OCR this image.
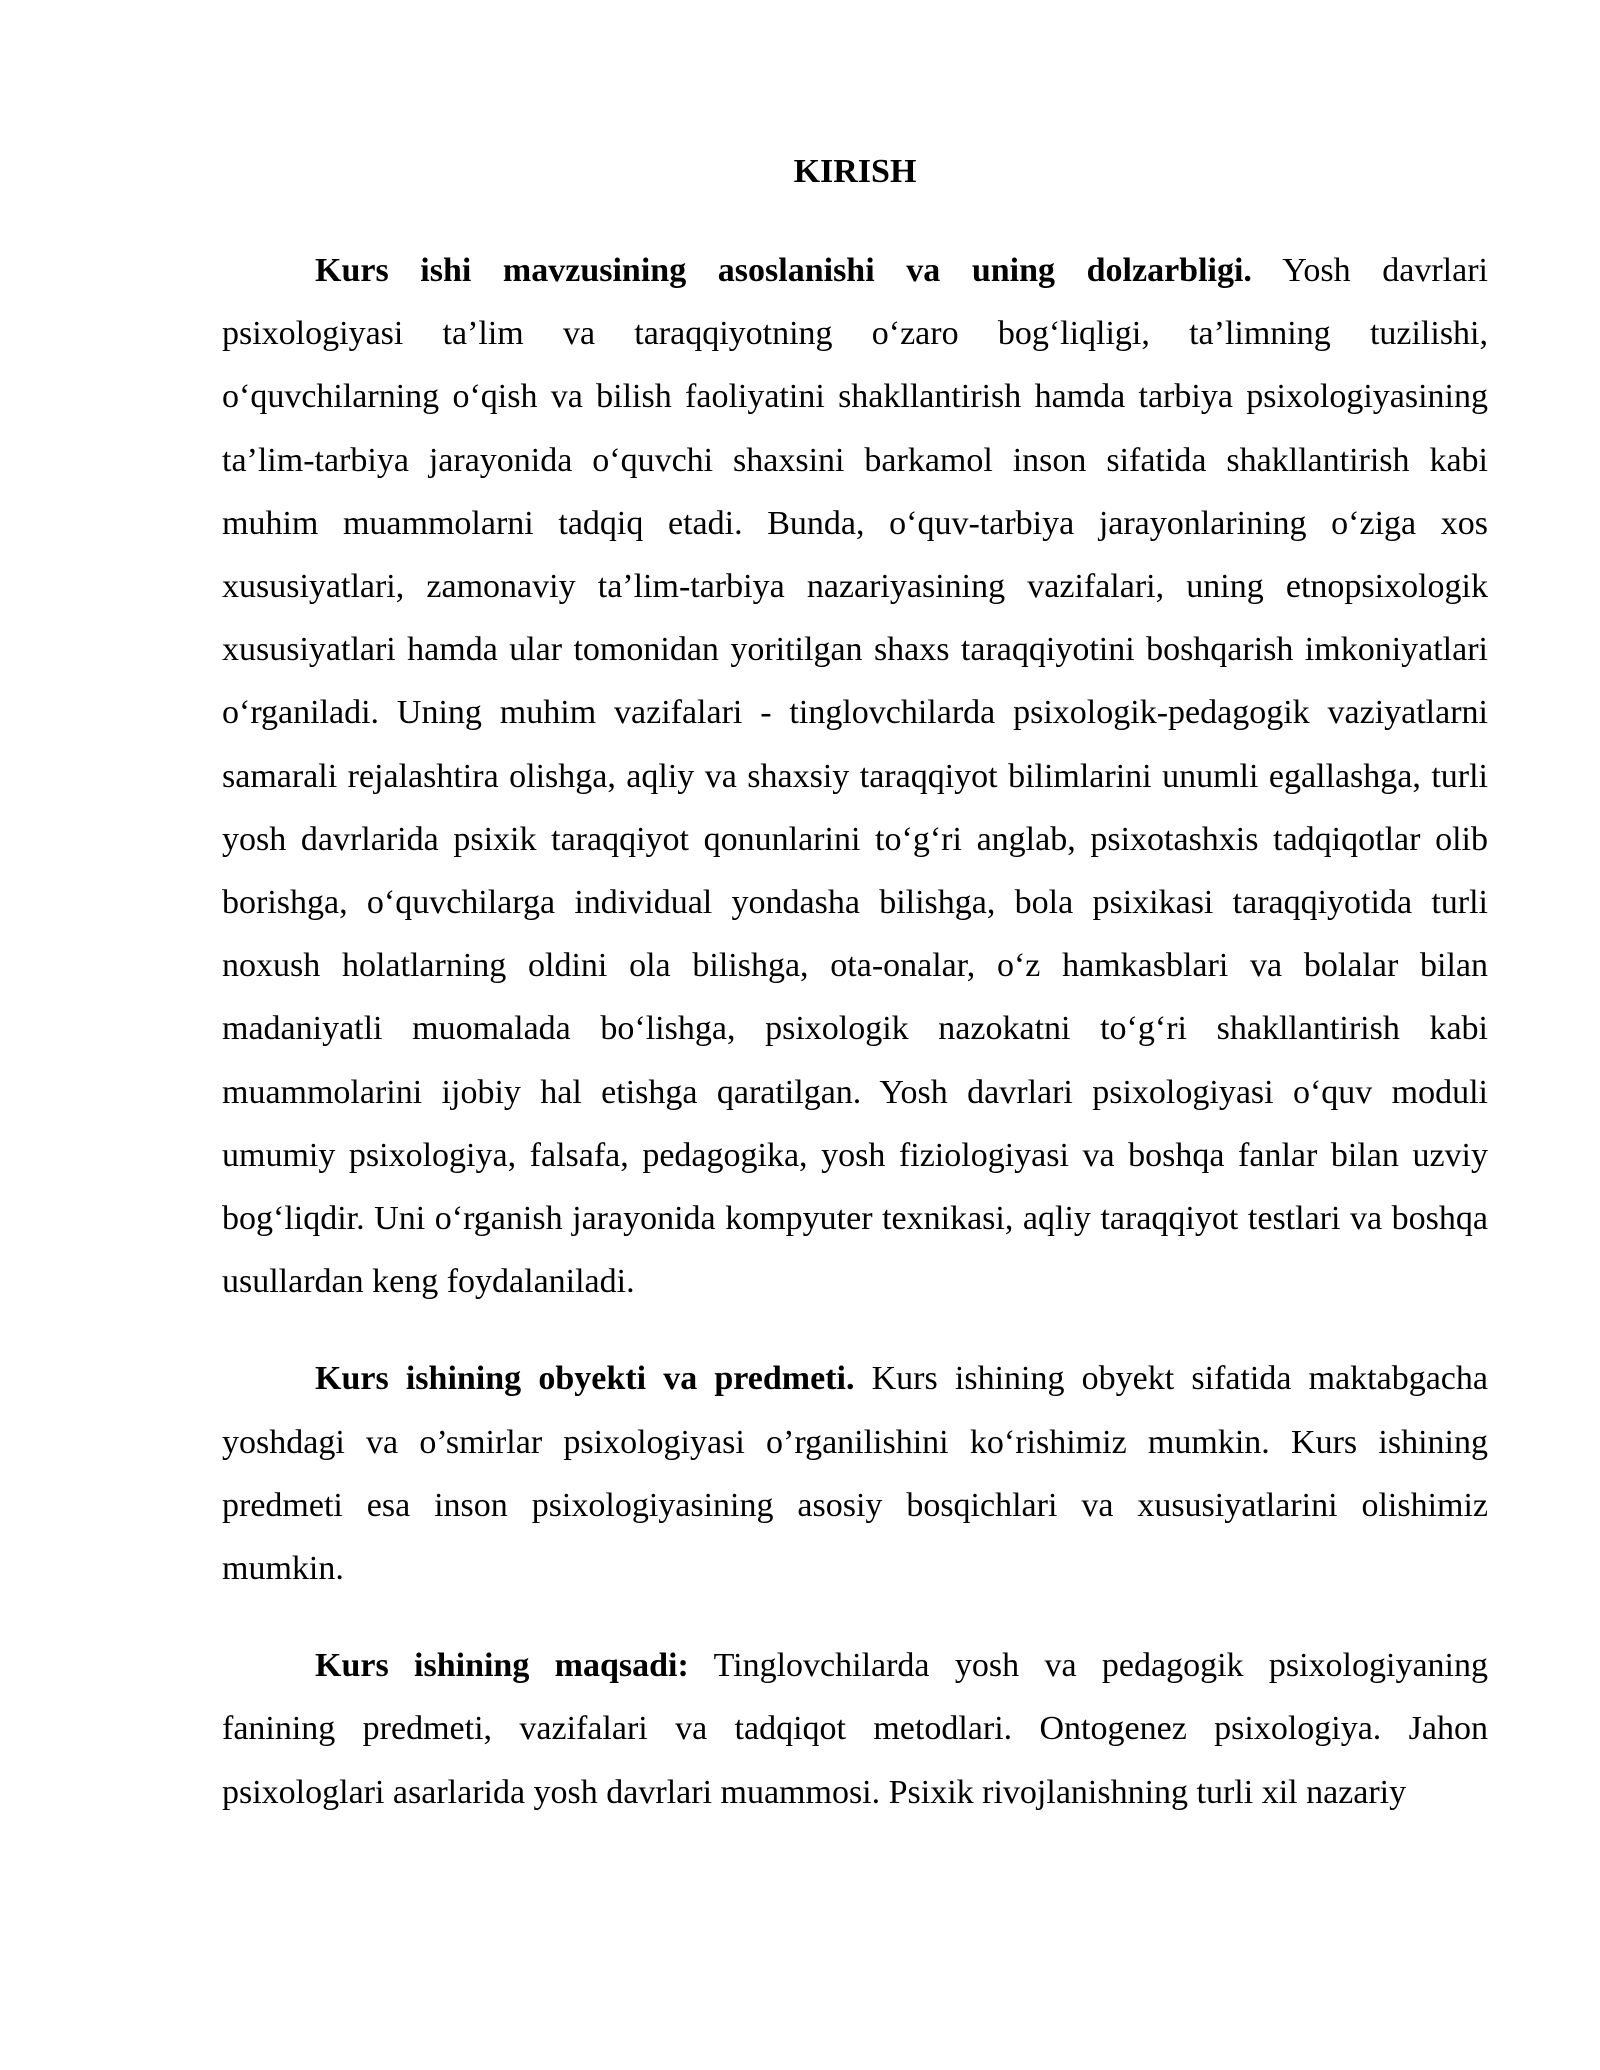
KIRISH

Kurs ishi mavzusining asoslanishi va uning dolzarbligi. Yosh davrlari psixologiyasi ta’lim va taraqqiyotning o‘zaro bog‘liqligi, ta’limning tuzilishi, o‘quvchilarning o‘qish va bilish faoliyatini shakllantirish hamda tarbiya psixologiyasining ta’lim-tarbiya jarayonida o‘quvchi shaxsini barkamol inson sifatida shakllantirish kabi muhim muammolarni tadqiq etadi. Bunda, o‘quv-tarbiya jarayonlarining o‘ziga xos xususiyatlari, zamonaviy ta’lim-tarbiya nazariyasining vazifalari, uning etnopsixologik xususiyatlari hamda ular tomonidan yoritilgan shaxs taraqqiyotini boshqarish imkoniyatlari o‘rganiladi. Uning muhim vazifalari - tinglovchilarda psixologik-pedagogik vaziyatlarni samarali rejalashtira olishga, aqliy va shaxsiy taraqqiyot bilimlarini unumli egallashga, turli yosh davrlarida psixik taraqqiyot qonunlarini to‘g‘ri anglab, psixotashxis tadqiqotlar olib borishga, o‘quvchilarga individual yondasha bilishga, bola psixikasi taraqqiyotida turli noxush holatlarning oldini ola bilishga, ota-onalar, o‘z hamkasblari va bolalar bilan madaniyatli muomalada bo‘lishga, psixologik nazokatni to‘g‘ri shakllantirish kabi muammolarini ijobiy hal etishga qaratilgan. Yosh davrlari psixologiyasi o‘quv moduli umumiy psixologiya, falsafa, pedagogika, yosh fiziologiyasi va boshqa fanlar bilan uzviy bog‘liqdir. Uni o‘rganish jarayonida kompyuter texnikasi, aqliy taraqqiyot testlari va boshqa usullardan keng foydalaniladi.

Kurs ishining obyekti va predmeti. Kurs ishining obyekt sifatida maktabgacha yoshdagi va o’smirlar psixologiyasi o’rganilishini ko‘rishimiz mumkin. Kurs ishining predmeti esa inson psixologiyasining asosiy bosqichlari va xususiyatlarini olishimiz mumkin.

Kurs ishining maqsadi: Tinglovchilarda yosh va pedagogik psixologiyaning fanining predmeti, vazifalari va tadqiqot metodlari. Ontogenez psixologiya. Jahon psixologlari asarlarida yosh davrlari muammosi. Psixik rivojlanishning turli xil nazariy
